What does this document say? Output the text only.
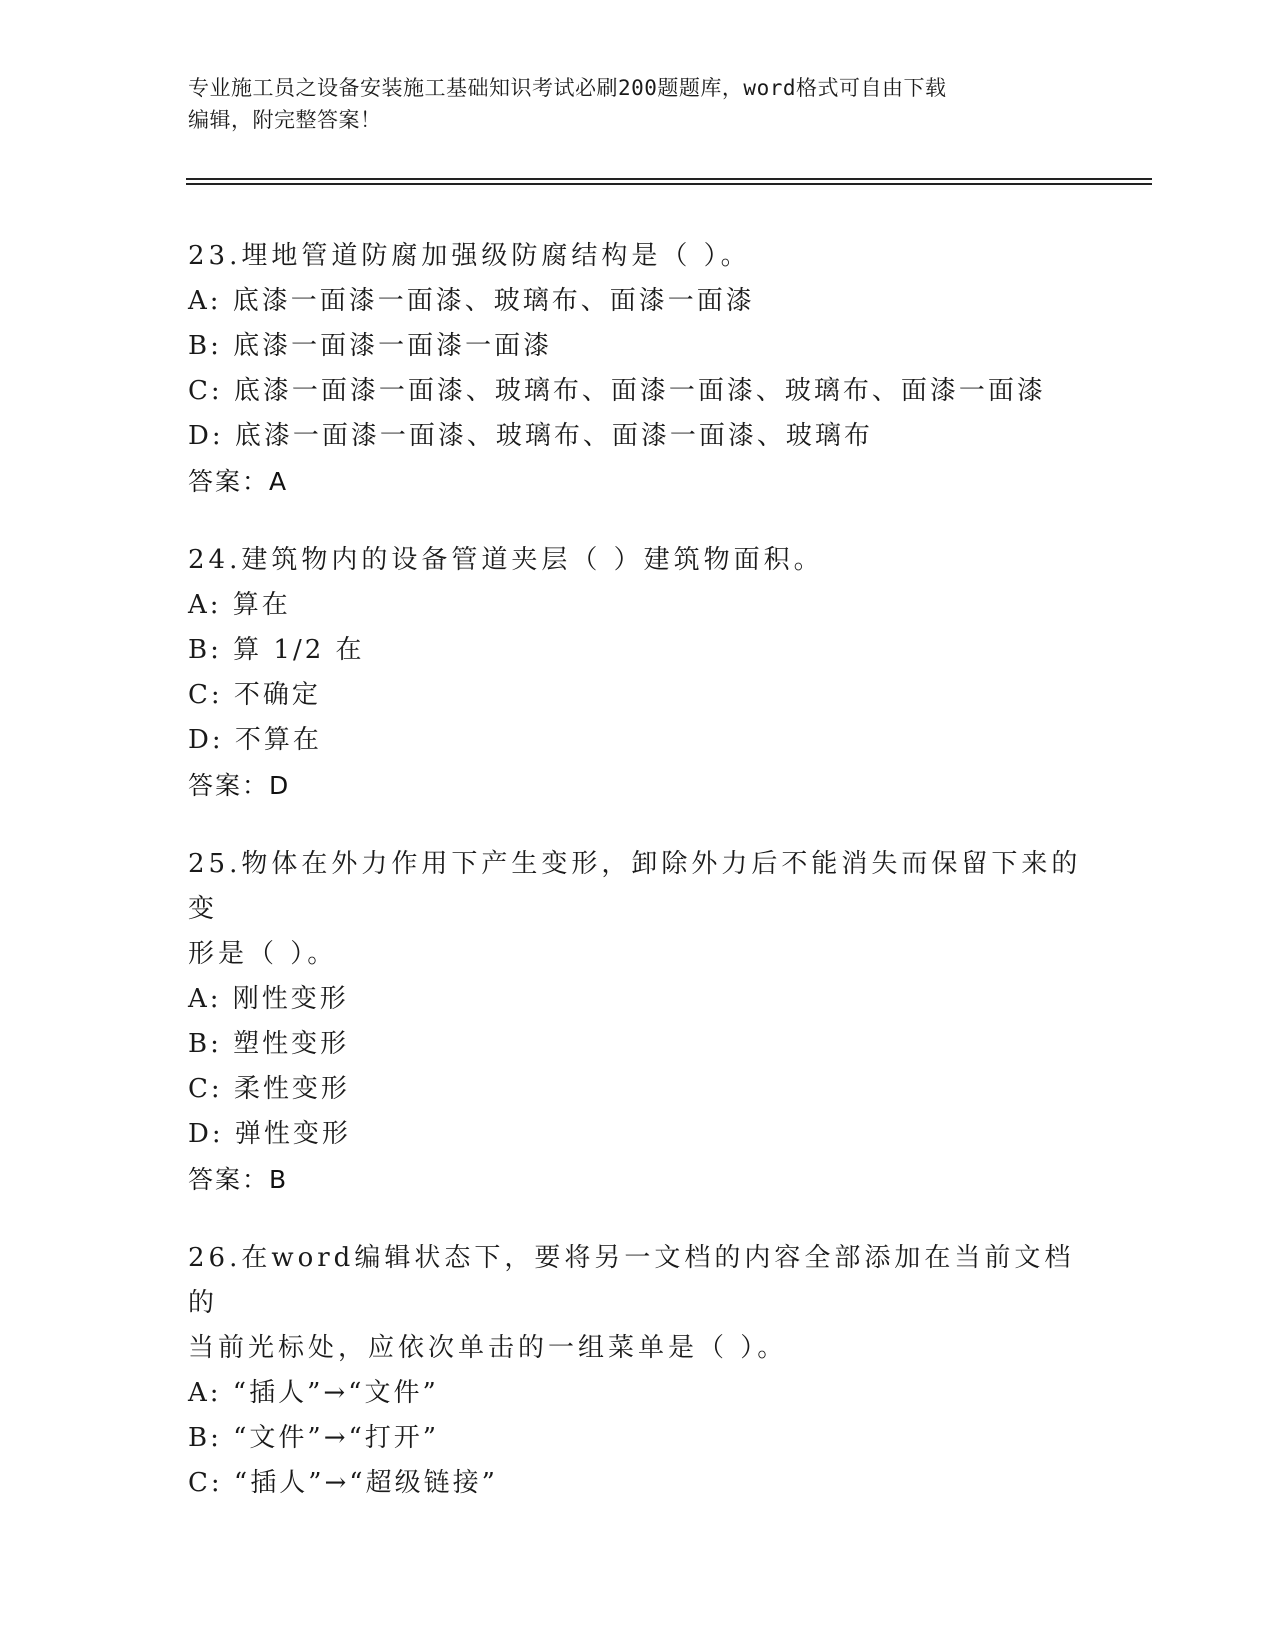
专业施工员之设备安装施工基础知识考试必刷200题题库，word格式可自由下载
编辑，附完整答案！
23.埋地管道防腐加强级防腐结构是（ ）。
A: 底漆一面漆一面漆、玻璃布、面漆一面漆
B: 底漆一面漆一面漆一面漆
C: 底漆一面漆一面漆、玻璃布、面漆一面漆、玻璃布、面漆一面漆
D: 底漆一面漆一面漆、玻璃布、面漆一面漆、玻璃布
答案：A
24.建筑物内的设备管道夹层（ ）建筑物面积。
A: 算在
B: 算 1/2 在
C: 不确定
D: 不算在
答案：D
25.物体在外力作用下产生变形，卸除外力后不能消失而保留下来的变
形是（ ）。
A: 刚性变形
B: 塑性变形
C: 柔性变形
D: 弹性变形
答案：B
26.在word编辑状态下，要将另一文档的内容全部添加在当前文档的
当前光标处，应依次单击的一组菜单是（ ）。
A: “插人”→“文件”
B: “文件”→“打开”
C: “插人”→“超级链接”
